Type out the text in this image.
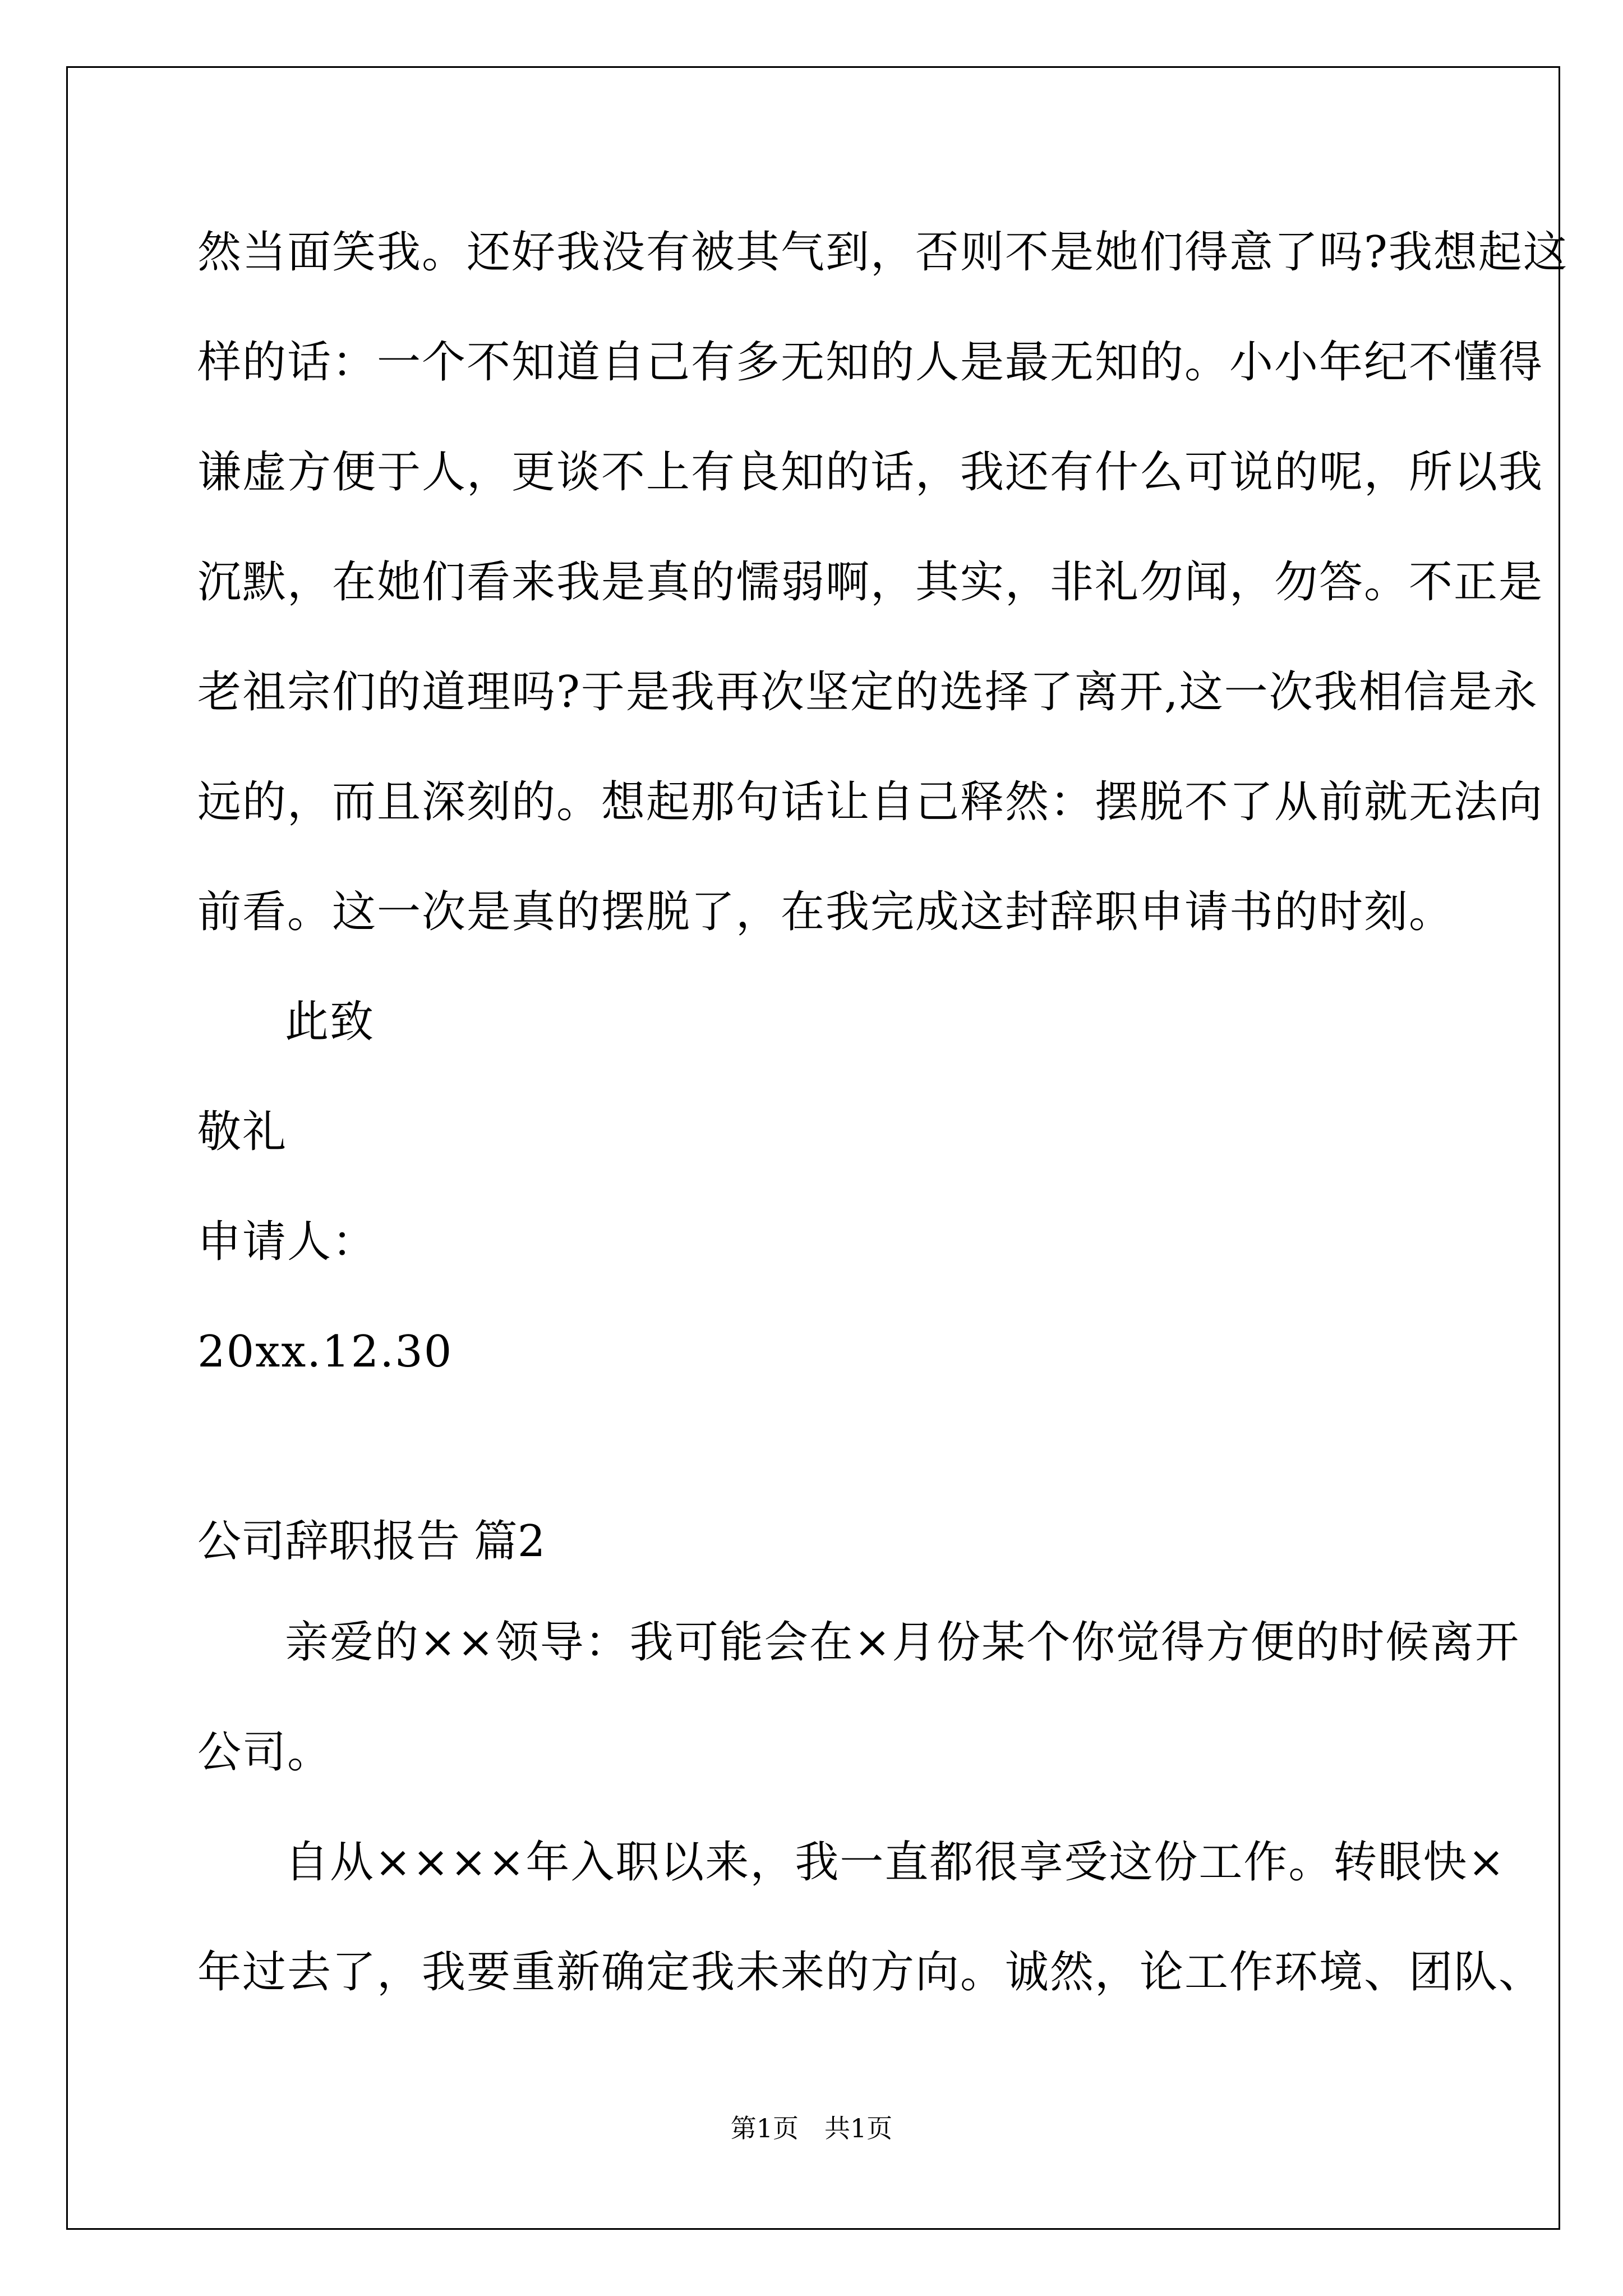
然当面笑我。还好我没有被其气到，否则不是她们得意了吗?我想起这
样的话：一个不知道自己有多无知的人是最无知的。小小年纪不懂得
谦虚方便于人，更谈不上有良知的话，我还有什么可说的呢，所以我
沉默，在她们看来我是真的懦弱啊，其实，非礼勿闻，勿答。不正是
老祖宗们的道理吗?于是我再次坚定的选择了离开,这一次我相信是永
远的，而且深刻的。想起那句话让自己释然：摆脱不了从前就无法向
前看。这一次是真的摆脱了，在我完成这封辞职申请书的时刻。
此致
敬礼
申请人：
20xx.12.30
公司辞职报告 篇2
亲爱的××领导：我可能会在×月份某个你觉得方便的时候离开
公司。
自从××××年入职以来，我一直都很享受这份工作。转眼快×
年过去了，我要重新确定我未来的方向。诚然，论工作环境、团队、
第1页　共1页
